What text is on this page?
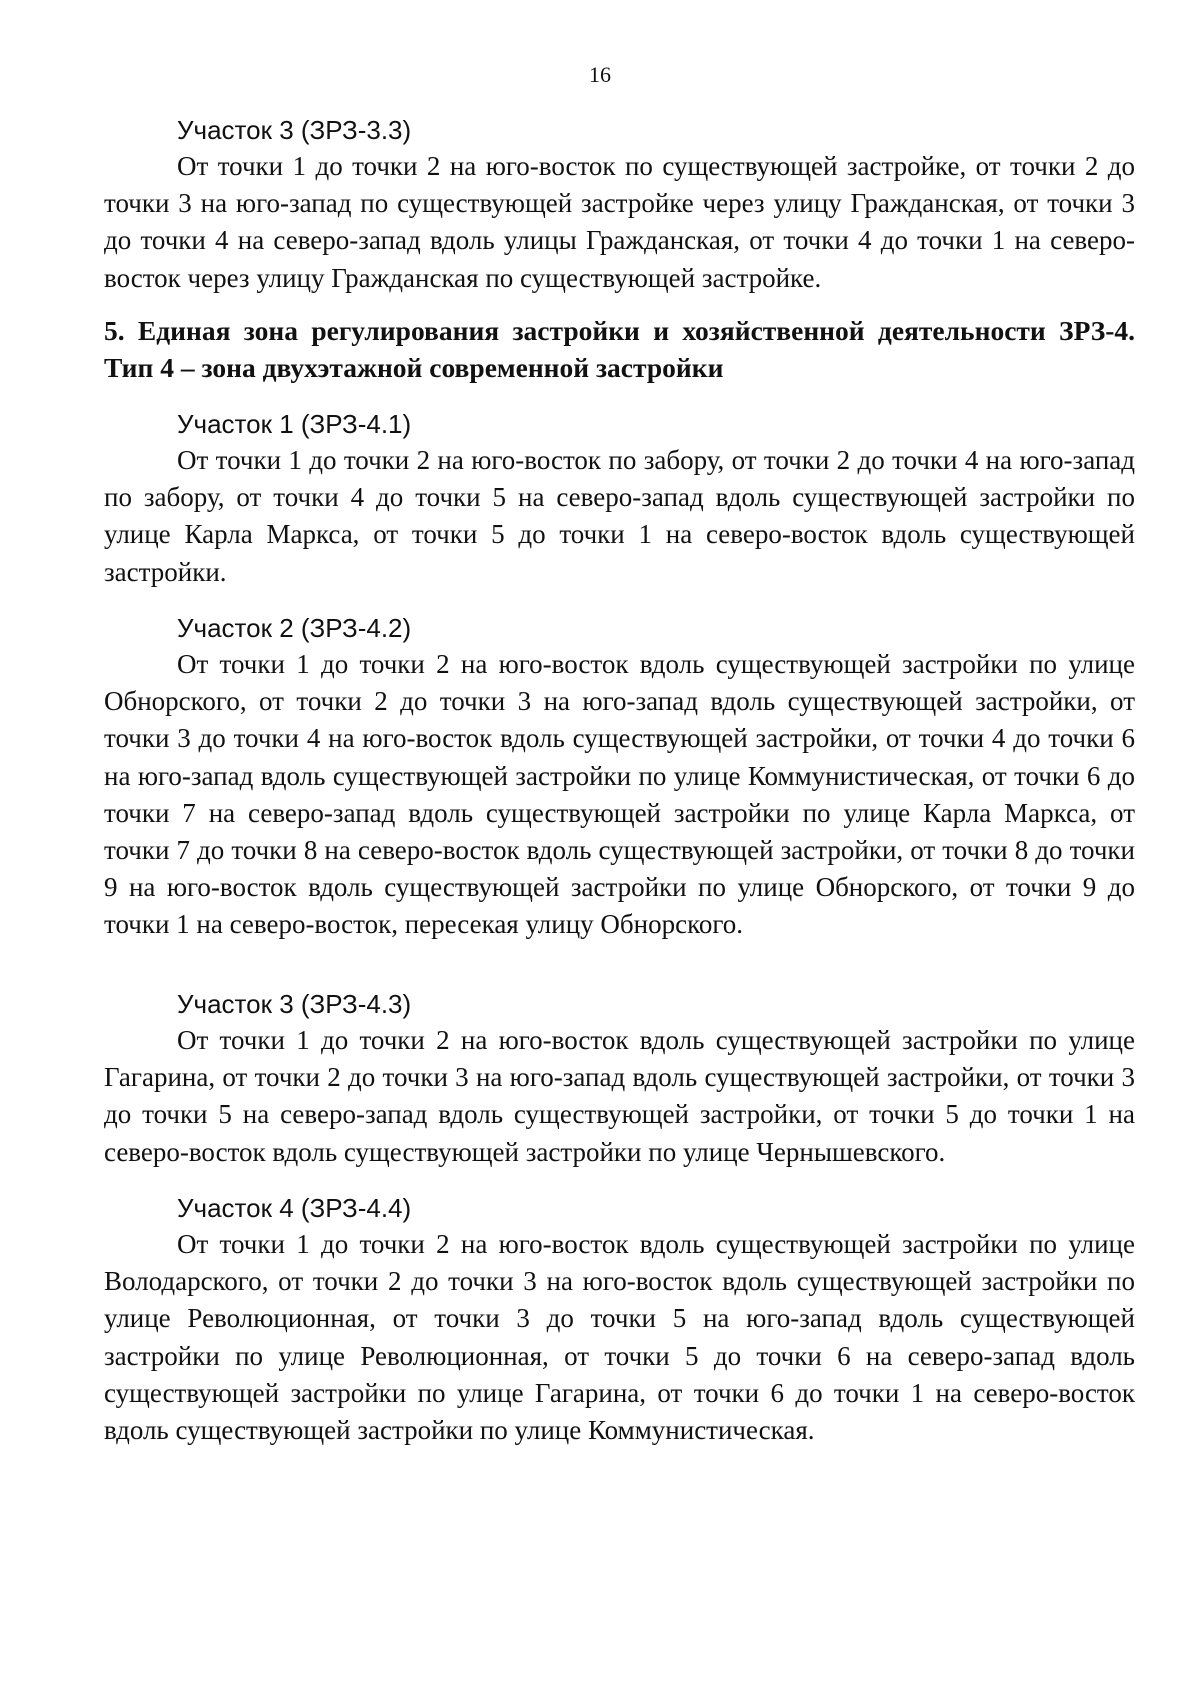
16

Участок 3 (ЗРЗ-3.3)

От точки 1 до точки 2 на юго-восток по существующей застройке, от точки 2 до точки 3 на юго-запад по существующей застройке через улицу Гражданская, от точки 3 до точки 4 на северо-запад вдоль улицы Гражданская, от точки 4 до точки 1 на северо-восток через улицу Гражданская по существующей застройке.

5. Единая зона регулирования застройки и хозяйственной деятельности ЗРЗ-4. Тип 4 – зона двухэтажной современной застройки

Участок 1 (ЗРЗ-4.1)

От точки 1 до точки 2 на юго-восток по забору, от точки 2 до точки 4 на юго-запад по забору, от точки 4 до точки 5 на северо-запад вдоль существующей застройки по улице Карла Маркса, от точки 5 до точки 1 на северо-восток вдоль существующей застройки.

Участок 2 (ЗРЗ-4.2)

От точки 1 до точки 2 на юго-восток вдоль существующей застройки по улице Обнорского, от точки 2 до точки 3 на юго-запад вдоль существующей застройки, от точки 3 до точки 4 на юго-восток вдоль существующей застройки, от точки 4 до точки 6 на юго-запад вдоль существующей застройки по улице Коммунистическая, от точки 6 до точки 7 на северо-запад вдоль существующей застройки по улице Карла Маркса, от точки 7 до точки 8 на северо-восток вдоль существующей застройки, от точки 8 до точки 9 на юго-восток вдоль существующей застройки по улице Обнорского, от точки 9 до точки 1 на северо-восток, пересекая улицу Обнорского.

Участок 3 (ЗРЗ-4.3)

От точки 1 до точки 2 на юго-восток вдоль существующей застройки по улице Гагарина, от точки 2 до точки 3 на юго-запад вдоль существующей застройки, от точки 3 до точки 5 на северо-запад вдоль существующей застройки, от точки 5 до точки 1 на северо-восток вдоль существующей застройки по улице Чернышевского.

Участок 4 (ЗРЗ-4.4)

От точки 1 до точки 2 на юго-восток вдоль существующей застройки по улице Володарского, от точки 2 до точки 3 на юго-восток вдоль существующей застройки по улице Революционная, от точки 3 до точки 5 на юго-запад вдоль существующей застройки по улице Революционная, от точки 5 до точки 6 на северо-запад вдоль существующей застройки по улице Гагарина, от точки 6 до точки 1 на северо-восток вдоль существующей застройки по улице Коммунистическая.
